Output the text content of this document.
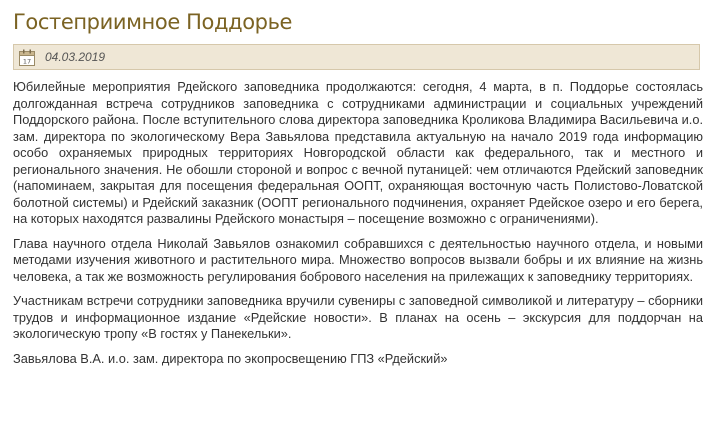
Гостеприимное Поддорье
17 04.03.2019

Юбилейные мероприятия Рдейского заповедника продолжаются: сегодня, 4 марта, в п. Поддорье состоялась долгожданная встреча сотрудников заповедника с сотрудниками администрации и социальных учреждений Поддорского района. После вступительного слова директора заповедника Кроликова Владимира Васильевича и.о. зам. директора по экологическому Вера Завьялова представила актуальную на начало 2019 года информацию особо охраняемых природных территориях Новгородской области как федерального, так и местного и регионального значения. Не обошли стороной и вопрос с вечной путаницей: чем отличаются Рдейский заповедник (напоминаем, закрытая для посещения федеральная ООПТ, охраняющая восточную часть Полистово-Ловатской болотной системы) и Рдейский заказник (ООПТ регионального подчинения, охраняет Рдейское озеро и его берега, на которых находятся развалины Рдейского монастыря – посещение возможно с ограничениями).

Глава научного отдела Николай Завьялов ознакомил собравшихся с деятельностью научного отдела, и новыми методами изучения животного и растительного мира. Множество вопросов вызвали бобры и их влияние на жизнь человека, а так же возможность регулирования бобрового населения на прилежащих к заповеднику территориях.

Участникам встречи сотрудники заповедника вручили сувениры с заповедной символикой и литературу – сборники трудов и информационное издание «Рдейские новости». В планах на осень – экскурсия для поддорчан на экологическую тропу «В гостях у Панекельки».

Завьялова В.А. и.о. зам. директора по экопросвещению ГПЗ «Рдейский»
